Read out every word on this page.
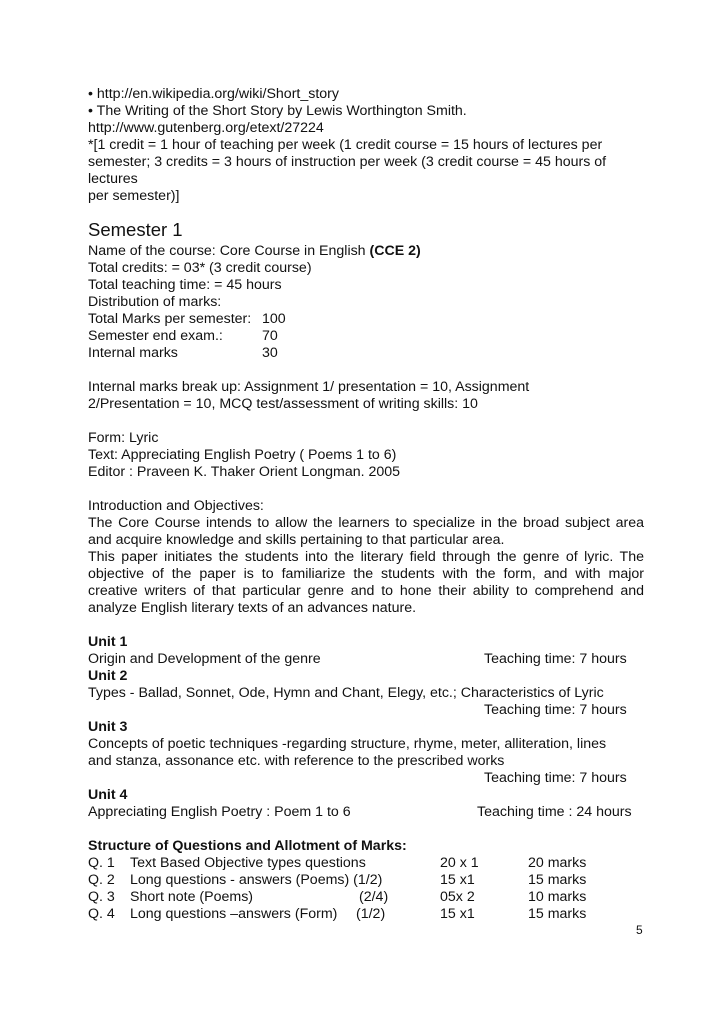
• http://en.wikipedia.org/wiki/Short_story
• The Writing of the Short Story by Lewis Worthington Smith.
http://www.gutenberg.org/etext/27224
*[1 credit = 1 hour of teaching per week (1 credit course = 15 hours of lectures per
semester; 3 credits = 3 hours of instruction per week (3 credit course = 45 hours of
lectures
per semester)]
Semester 1
Name of the course: Core Course in English (CCE 2)
Total credits: = 03* (3 credit course)
Total teaching time: = 45 hours
Distribution of marks:
Total Marks per semester: 100
Semester end exam.:	70
Internal marks	30
Internal marks break up: Assignment 1/ presentation = 10, Assignment
2/Presentation = 10, MCQ test/assessment of writing skills: 10
Form: Lyric
Text: Appreciating English Poetry ( Poems 1 to 6)
Editor : Praveen K. Thaker Orient Longman. 2005
Introduction and Objectives:
The Core Course intends to allow the learners to specialize in the broad subject area
and acquire knowledge and skills pertaining to that particular area.
This paper initiates the students into the literary field through the genre of lyric. The
objective of the paper is to familiarize the students with the form, and with major
creative writers of that particular genre and to hone their ability to comprehend and
analyze English literary texts of an advances nature.
Unit 1
Origin and Development of the genre	Teaching time: 7 hours
Unit 2
Types - Ballad, Sonnet, Ode, Hymn and Chant, Elegy, etc.; Characteristics of Lyric
Teaching time: 7 hours
Unit 3
Concepts of poetic techniques -regarding structure, rhyme, meter, alliteration, lines
and stanza, assonance etc. with reference to the prescribed works
Teaching time: 7 hours
Unit 4
Appreciating English Poetry : Poem 1 to 6	Teaching time : 24 hours
Structure of Questions and Allotment of Marks:
Q. 1 Text Based Objective types questions	20 x 1	20 marks
Q. 2 Long questions - answers (Poems) (1/2)	15 x1	15 marks
Q. 3 Short note (Poems)	(2/4)	05x 2	10 marks
Q. 4 Long questions –answers (Form) (1/2)	15 x1	15 marks
5
